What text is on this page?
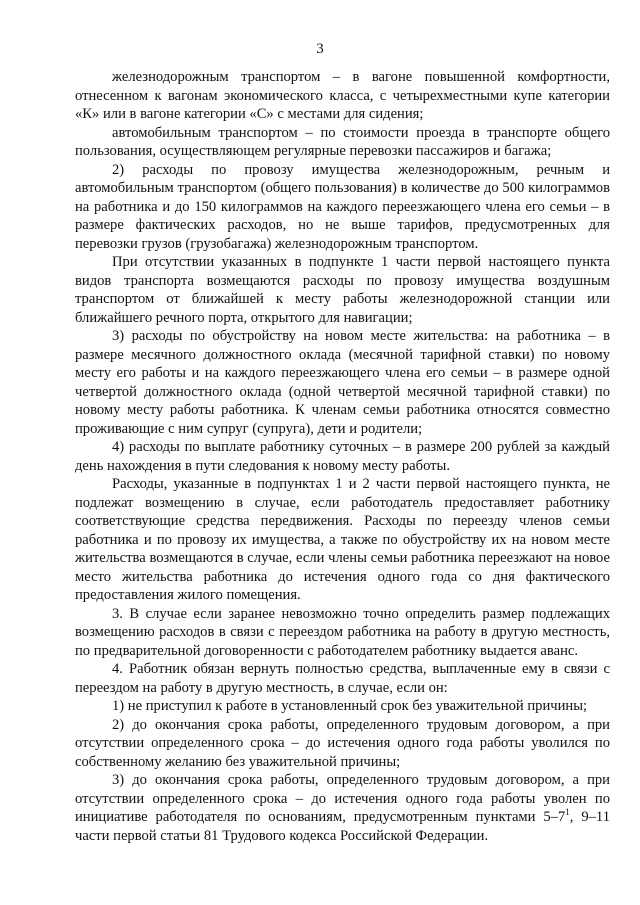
3

железнодорожным транспортом – в вагоне повышенной комфортности, отнесенном к вагонам экономического класса, с четырехместными купе категории «К» или в вагоне категории «С» с местами для сидения;

автомобильным транспортом – по стоимости проезда в транспорте общего пользования, осуществляющем регулярные перевозки пассажиров и багажа;

2) расходы по провозу имущества железнодорожным, речным и автомобильным транспортом (общего пользования) в количестве до 500 килограммов на работника и до 150 килограммов на каждого переезжающего члена его семьи – в размере фактических расходов, но не выше тарифов, предусмотренных для перевозки грузов (грузобагажа) железнодорожным транспортом.

При отсутствии указанных в подпункте 1 части первой настоящего пункта видов транспорта возмещаются расходы по провозу имущества воздушным транспортом от ближайшей к месту работы железнодорожной станции или ближайшего речного порта, открытого для навигации;

3) расходы по обустройству на новом месте жительства: на работника – в размере месячного должностного оклада (месячной тарифной ставки) по новому месту его работы и на каждого переезжающего члена его семьи – в размере одной четвертой должностного оклада (одной четвертой месячной тарифной ставки) по новому месту работы работника. К членам семьи работника относятся совместно проживающие с ним супруг (супруга), дети и родители;

4) расходы по выплате работнику суточных – в размере 200 рублей за каждый день нахождения в пути следования к новому месту работы.

Расходы, указанные в подпунктах 1 и 2 части первой настоящего пункта, не подлежат возмещению в случае, если работодатель предоставляет работнику соответствующие средства передвижения. Расходы по переезду членов семьи работника и по провозу их имущества, а также по обустройству их на новом месте жительства возмещаются в случае, если члены семьи работника переезжают на новое место жительства работника до истечения одного года со дня фактического предоставления жилого помещения.

3. В случае если заранее невозможно точно определить размер подлежащих возмещению расходов в связи с переездом работника на работу в другую местность, по предварительной договоренности с работодателем работнику выдается аванс.

4. Работник обязан вернуть полностью средства, выплаченные ему в связи с переездом на работу в другую местность, в случае, если он:

1) не приступил к работе в установленный срок без уважительной причины;

2) до окончания срока работы, определенного трудовым договором, а при отсутствии определенного срока – до истечения одного года работы уволился по собственному желанию без уважительной причины;

3) до окончания срока работы, определенного трудовым договором, а при отсутствии определенного срока – до истечения одного года работы уволен по инициативе работодателя по основаниям, предусмотренным пунктами $5-7^1$, 9–11 части первой статьи 81 Трудового кодекса Российской Федерации.
